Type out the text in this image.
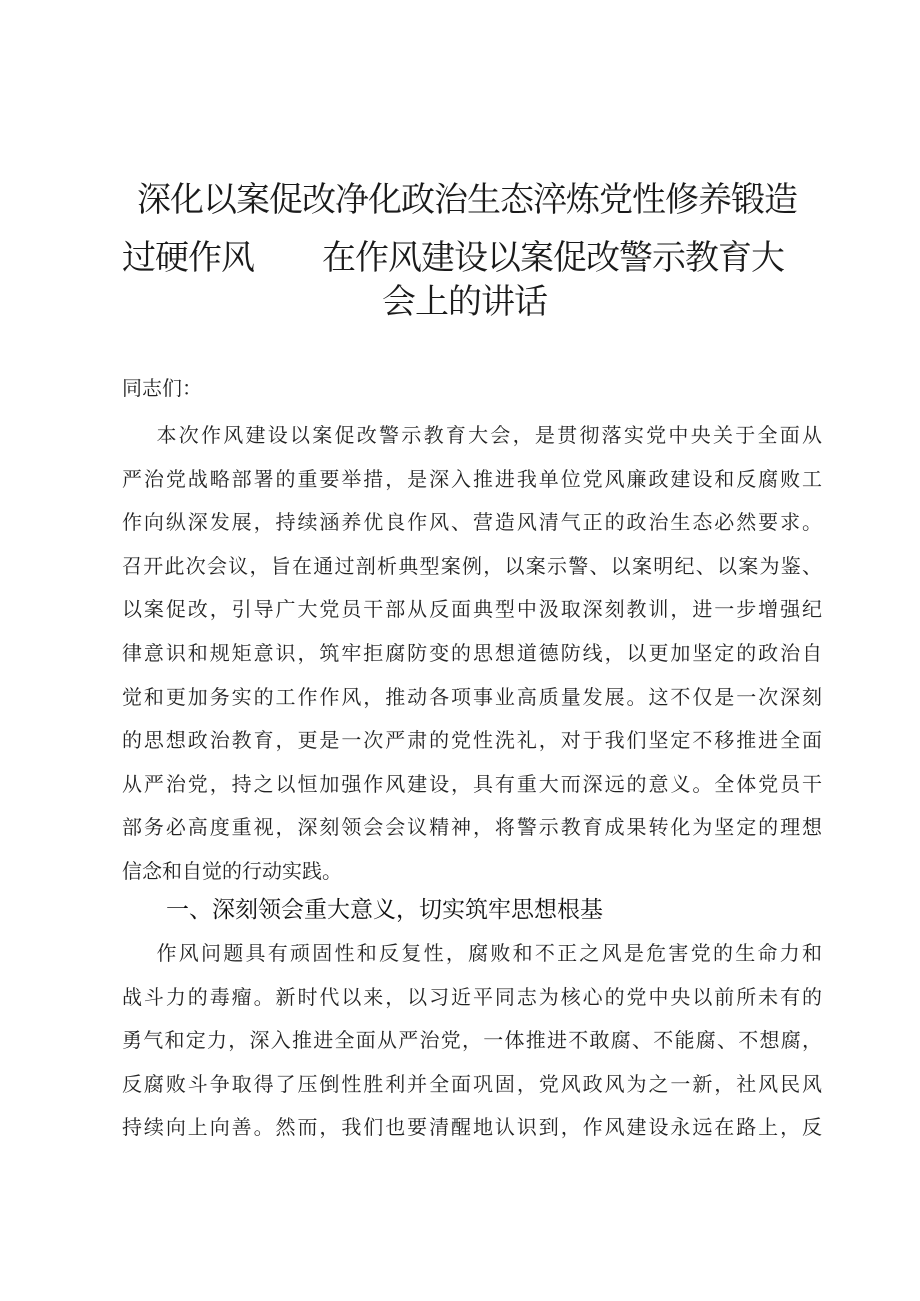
深化以案促改净化政治生态淬炼党性修养锻造
过硬作风	在作风建设以案促改警示教育大
会上的讲话
同志们：
本次作风建设以案促改警示教育大会，是贯彻落实党中央关于全面从
严治党战略部署的重要举措，是深入推进我单位党风廉政建设和反腐败工
作向纵深发展，持续涵养优良作风、营造风清气正的政治生态必然要求。
召开此次会议，旨在通过剖析典型案例，以案示警、以案明纪、以案为鉴、
以案促改，引导广大党员干部从反面典型中汲取深刻教训，进一步增强纪
律意识和规矩意识，筑牢拒腐防变的思想道德防线，以更加坚定的政治自
觉和更加务实的工作作风，推动各项事业高质量发展。这不仅是一次深刻
的思想政治教育，更是一次严肃的党性洗礼，对于我们坚定不移推进全面
从严治党，持之以恒加强作风建设，具有重大而深远的意义。全体党员干
部务必高度重视，深刻领会会议精神，将警示教育成果转化为坚定的理想
信念和自觉的行动实践。
一、深刻领会重大意义，切实筑牢思想根基
作风问题具有顽固性和反复性，腐败和不正之风是危害党的生命力和
战斗力的毒瘤。新时代以来，以习近平同志为核心的党中央以前所未有的
勇气和定力，深入推进全面从严治党，一体推进不敢腐、不能腐、不想腐，
反腐败斗争取得了压倒性胜利并全面巩固，党风政风为之一新，社风民风
持续向上向善。然而，我们也要清醒地认识到，作风建设永远在路上，反
